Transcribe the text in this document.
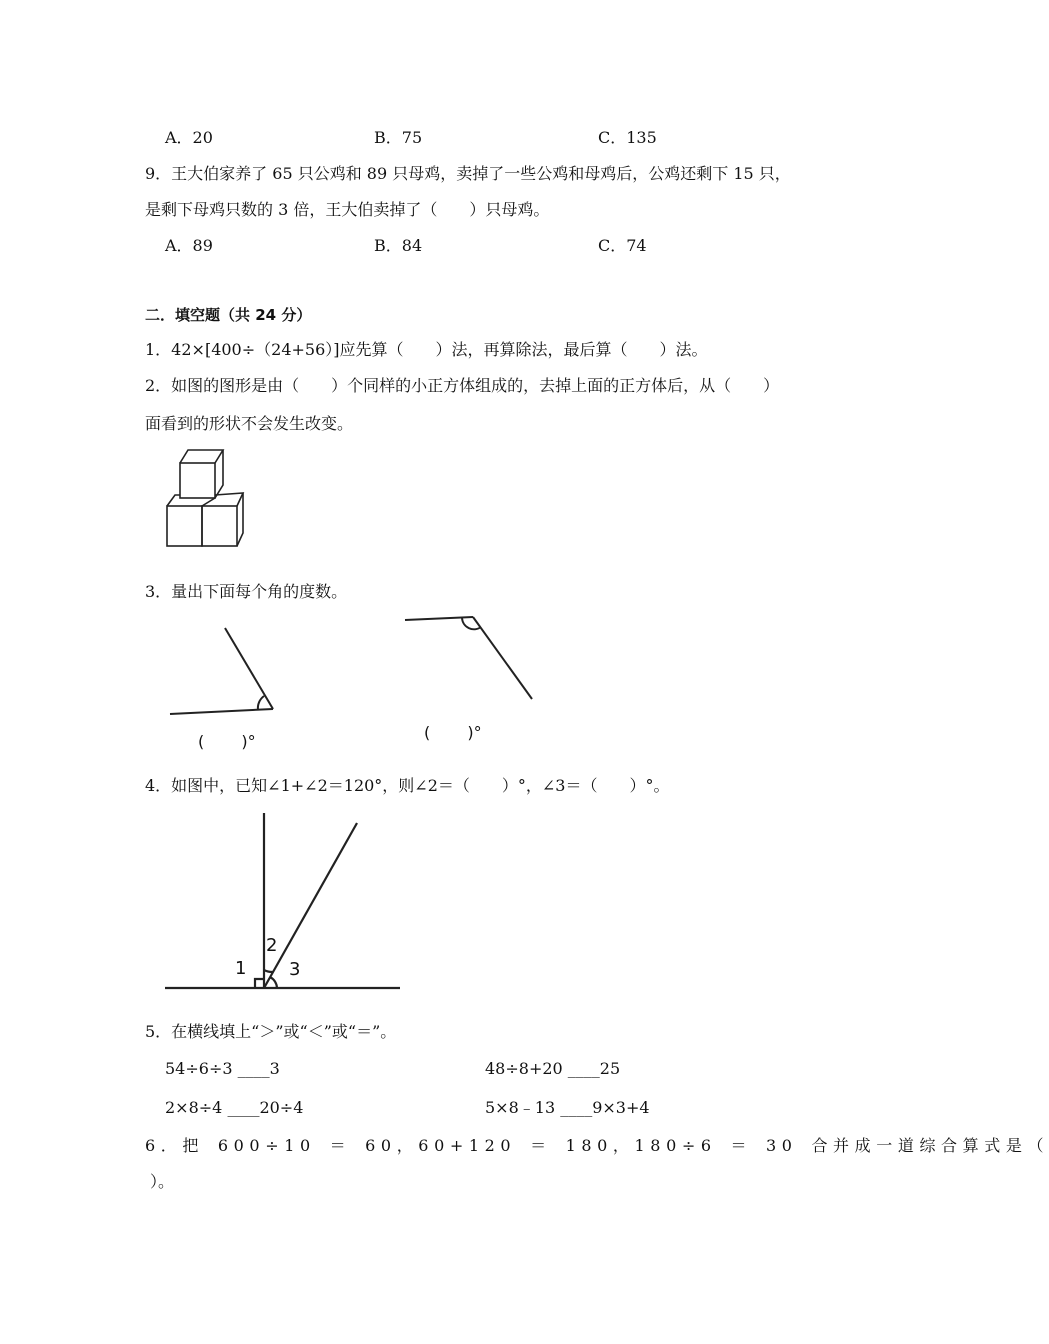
A．20	B．75	C．135
9．王大伯家养了 65 只公鸡和 89 只母鸡，卖掉了一些公鸡和母鸡后，公鸡还剩下 15 只，
是剩下母鸡只数的 3 倍，王大伯卖掉了（　　）只母鸡。
A．89	B．84	C．74
二．填空题（共 24 分）
1．42×[400÷（24+56）]应先算（　　）法，再算除法，最后算（　　）法。
2．如图的图形是由（　　）个同样的小正方体组成的，去掉上面的正方体后，从（　　）
面看到的形状不会发生改变。
3．量出下面每个角的度数。
(　　 )°	(　　 )°
4．如图中，已知∠1+∠2＝120°，则∠2＝（　　）°，∠3＝（　　）°。
1
2
3
5．在横线填上“＞”或“＜”或“＝”。
54÷6÷3 ____3	48÷8+20 ____25
2×8÷4 ____20÷4	5×8﹣13 ____9×3+4
6．把 600÷10 ＝ 60，60+120 ＝ 180，180÷6 ＝ 30 合并成一道综合算式是（
）。
